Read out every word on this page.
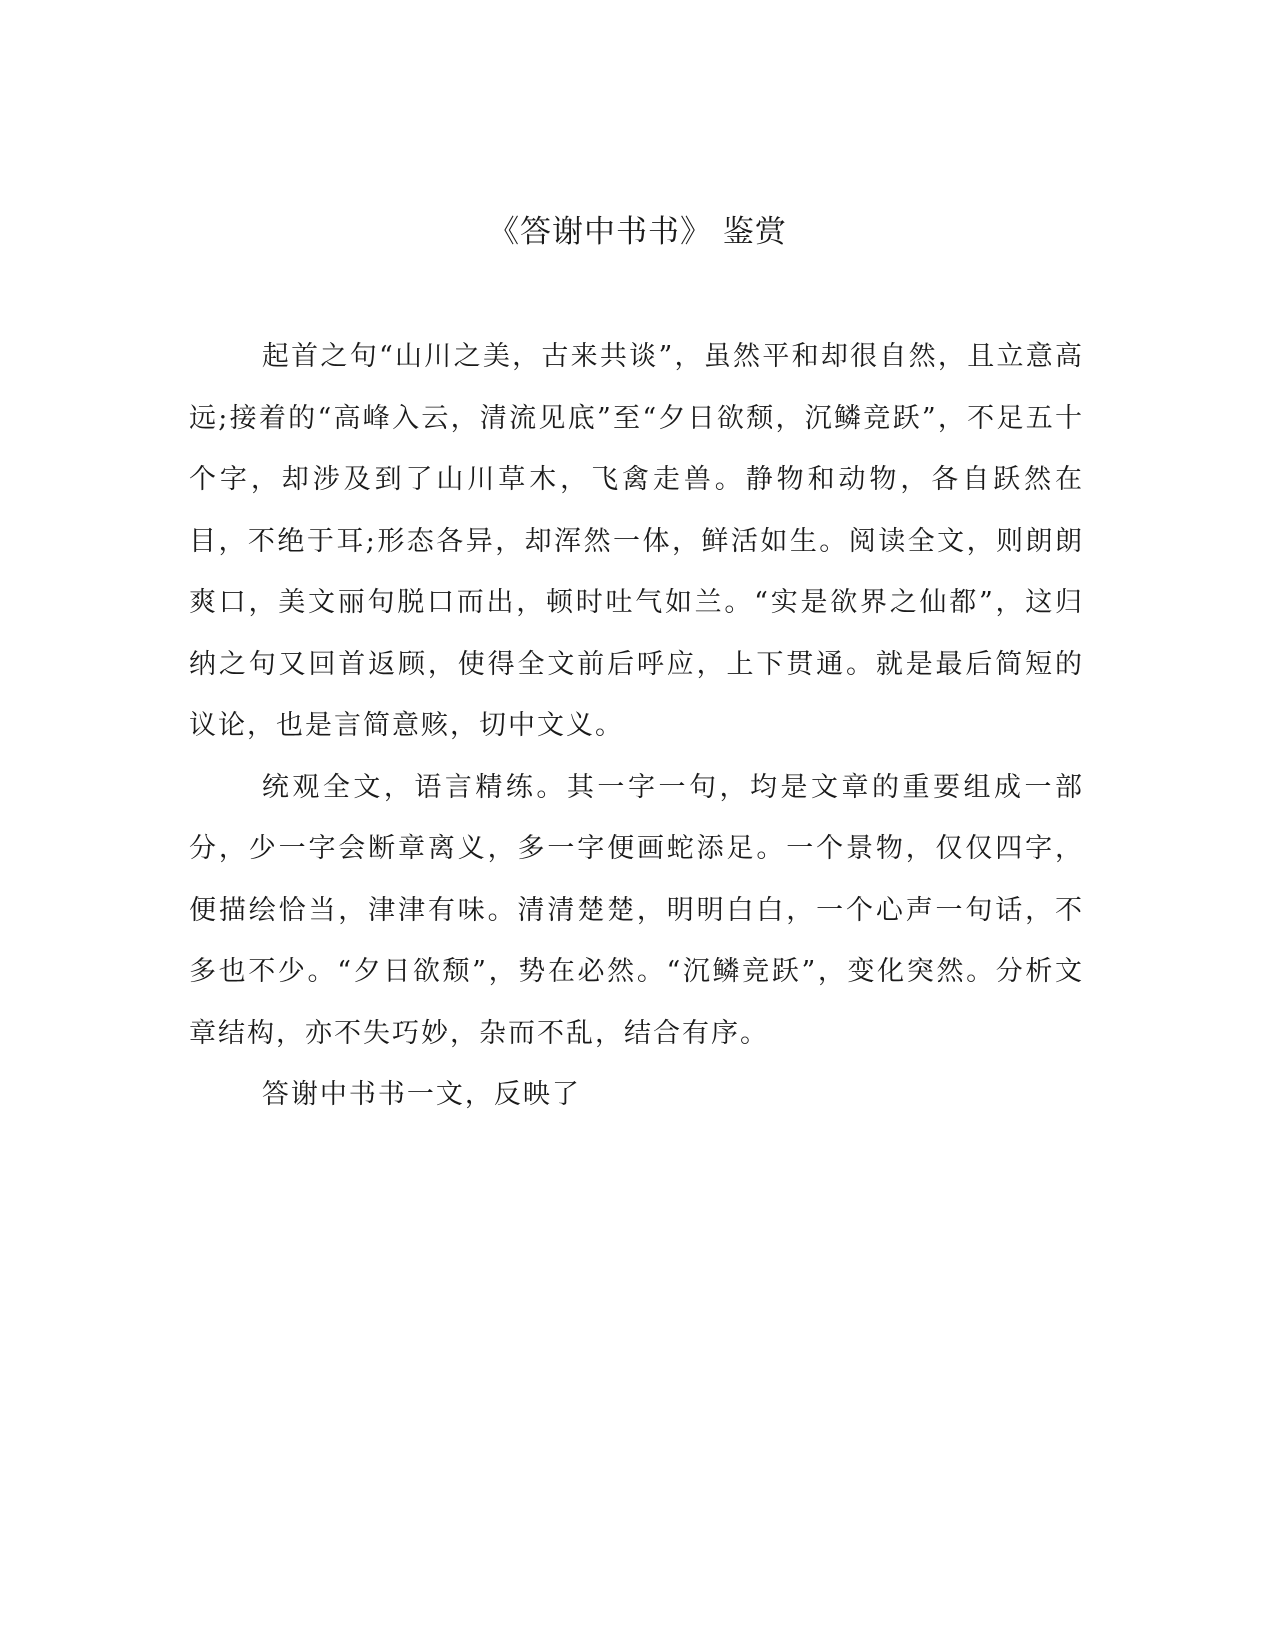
《答谢中书书》 鉴赏

起首之句“山川之美，古来共谈”，虽然平和却很自然，且立意高远;接着的“高峰入云，清流见底”至“夕日欲颓，沉鳞竞跃”，不足五十个字，却涉及到了山川草木，飞禽走兽。静物和动物，各自跃然在目，不绝于耳;形态各异，却浑然一体，鲜活如生。阅读全文，则朗朗爽口，美文丽句脱口而出，顿时吐气如兰。“实是欲界之仙都”，这归纳之句又回首返顾，使得全文前后呼应，上下贯通。就是最后简短的议论，也是言简意赅，切中文义。

统观全文，语言精练。其一字一句，均是文章的重要组成一部分，少一字会断章离义，多一字便画蛇添足。一个景物，仅仅四字，便描绘恰当，津津有味。清清楚楚，明明白白，一个心声一句话，不多也不少。“夕日欲颓”，势在必然。“沉鳞竞跃”，变化突然。分析文章结构，亦不失巧妙，杂而不乱，结合有序。

答谢中书书一文，反映了
